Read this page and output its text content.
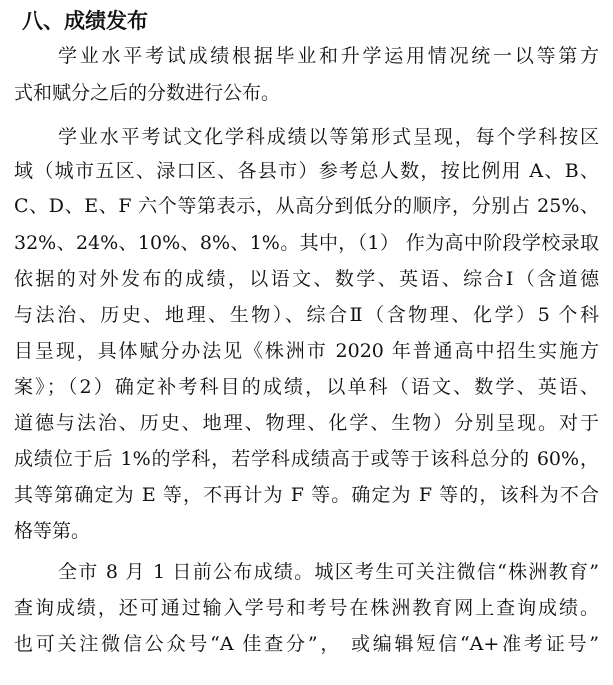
八、成绩发布
学业水平考试成绩根据毕业和升学运用情况统一以等第方
式和赋分之后的分数进行公布。
学业水平考试文化学科成绩以等第形式呈现，每个学科按区
域（城市五区、渌口区、各县市）参考总人数，按比例用 A、B、
C、D、E、F 六个等第表示，从高分到低分的顺序，分别占 25%、
32%、24%、10%、8%、1%。其中，（1） 作为高中阶段学校录取
依据的对外发布的成绩，以语文、数学、英语、综合Ⅰ（含道德
与法治、历史、地理、生物）、综合Ⅱ（含物理、化学）5 个科
目呈现，具体赋分办法见《株洲市 2020 年普通高中招生实施方
案》；（2）确定补考科目的成绩，以单科（语文、数学、英语、
道德与法治、历史、地理、物理、化学、生物）分别呈现。对于
成绩位于后 1%的学科，若学科成绩高于或等于该科总分的 60%，
其等第确定为 E 等，不再计为 F 等。确定为 F 等的，该科为不合
格等第。
全市 8 月 1 日前公布成绩。城区考生可关注微信“株洲教育”
查询成绩，还可通过输入学号和考号在株洲教育网上查询成绩。
也可关注微信公众号“A 佳查分”， 或编辑短信“A+准考证号”
